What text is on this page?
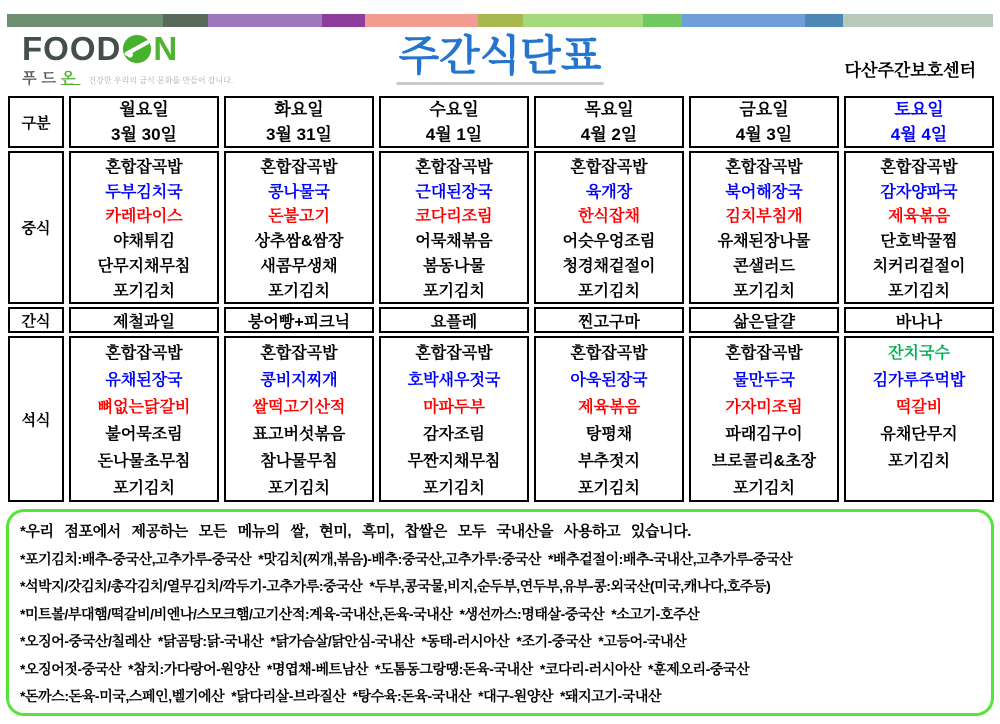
FOOD N
푸드온 건강한 우리의 급식 문화를 만들어 갑니다.
주간식단표	다산주간보호센터
구분
중식
간식
석식
월요일
3월 30일
혼합잡곡밥
두부김치국
카레라이스
야채튀김
단무지채무침
포기김치
제철과일
혼합잡곡밥
유채된장국
뼈없는닭갈비
불어묵조림
돈나물초무침
포기김치
화요일
3월 31일
혼합잡곡밥
콩나물국
돈불고기
상추쌈&쌈장
새콤무생채
포기김치
붕어빵+피크닉
혼합잡곡밥
콩비지찌개
쌀떡고기산적
표고버섯볶음
참나물무침
포기김치
수요일
4월 1일
혼합잡곡밥
근대된장국
코다리조림
어묵채볶음
봄동나물
포기김치
요플레
혼합잡곡밥
호박새우젓국
마파두부
감자조림
무짠지채무침
포기김치
목요일
4월 2일
혼합잡곡밥
육개장
한식잡채
어슷우엉조림
청경채겉절이
포기김치
찐고구마
혼합잡곡밥
아욱된장국
제육볶음
탕평채
부추젓지
포기김치
금요일
4월 3일
혼합잡곡밥
북어해장국
김치부침개
유채된장나물
콘샐러드
포기김치
삶은달걀
혼합잡곡밥
물만두국
가자미조림
파래김구이
브로콜리&초장
포기김치
토요일
4월 4일
혼합잡곡밥
감자양파국
제육볶음
단호박꿀찜
치커리겉절이
포기김치
바나나
잔치국수
김가루주먹밥
떡갈비
유채단무지
포기김치
*우리 점포에서 제공하는 모든 메뉴의 쌀, 현미, 흑미, 찹쌀은 모두 국내산을 사용하고 있습니다.
*포기김치:배추-중국산,고추가루-중국산  *맛김치(찌개,볶음)-배추:중국산,고추가루:중국산  *배추겉절이:배추-국내산,고추가루-중국산
*석박지/갓김치/총각김치/열무김치/깍두기-고추가루:중국산  *두부,콩국물,비지,순두부,연두부,유부-콩:외국산(미국,캐나다,호주등)
*미트볼/부대햄/떡갈비/비엔나/스모크햄/고기산적:계육-국내산,돈육-국내산  *생선까스:명태살-중국산  *소고기-호주산
*오징어-중국산/칠레산  *닭곰탕:닭-국내산  *닭가슴살/닭안심-국내산  *동태-러시아산  *조기-중국산  *고등어-국내산
*오징어젓-중국산  *참치:가다랑어-원양산  *명엽채-베트남산  *도톰동그랑땡:돈육-국내산  *코다리-러시아산  *훈제오리-중국산
*돈까스:돈육-미국,스페인,벨기에산  *닭다리살-브라질산  *탕수육:돈육-국내산  *대구-원양산  *돼지고기-국내산
